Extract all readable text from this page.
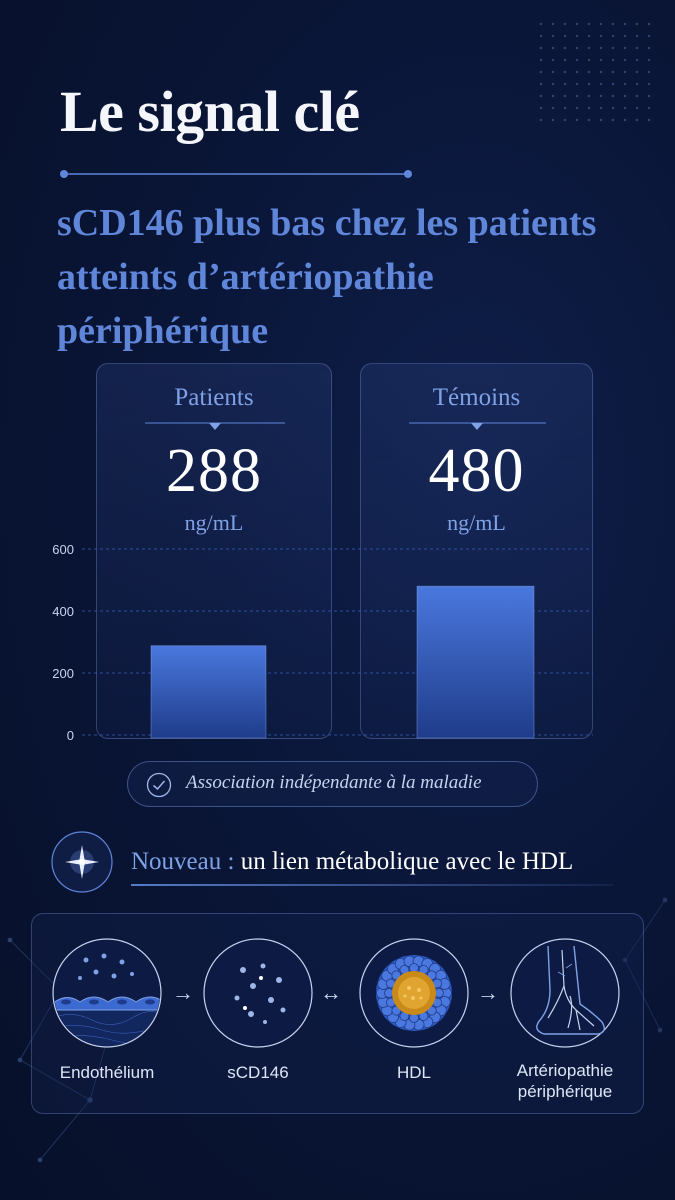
Le signal clé
sCD146 plus bas chez les patients atteints d’artériopathie périphérique
Patients
288
ng/mL
Témoins
480
ng/mL
0
200
400
600
Association indépendante à la maladie
Nouveau : un lien métabolique avec le HDL
→	↔	→
Endothélium	sCD146	HDL	Artériopathie périphérique
